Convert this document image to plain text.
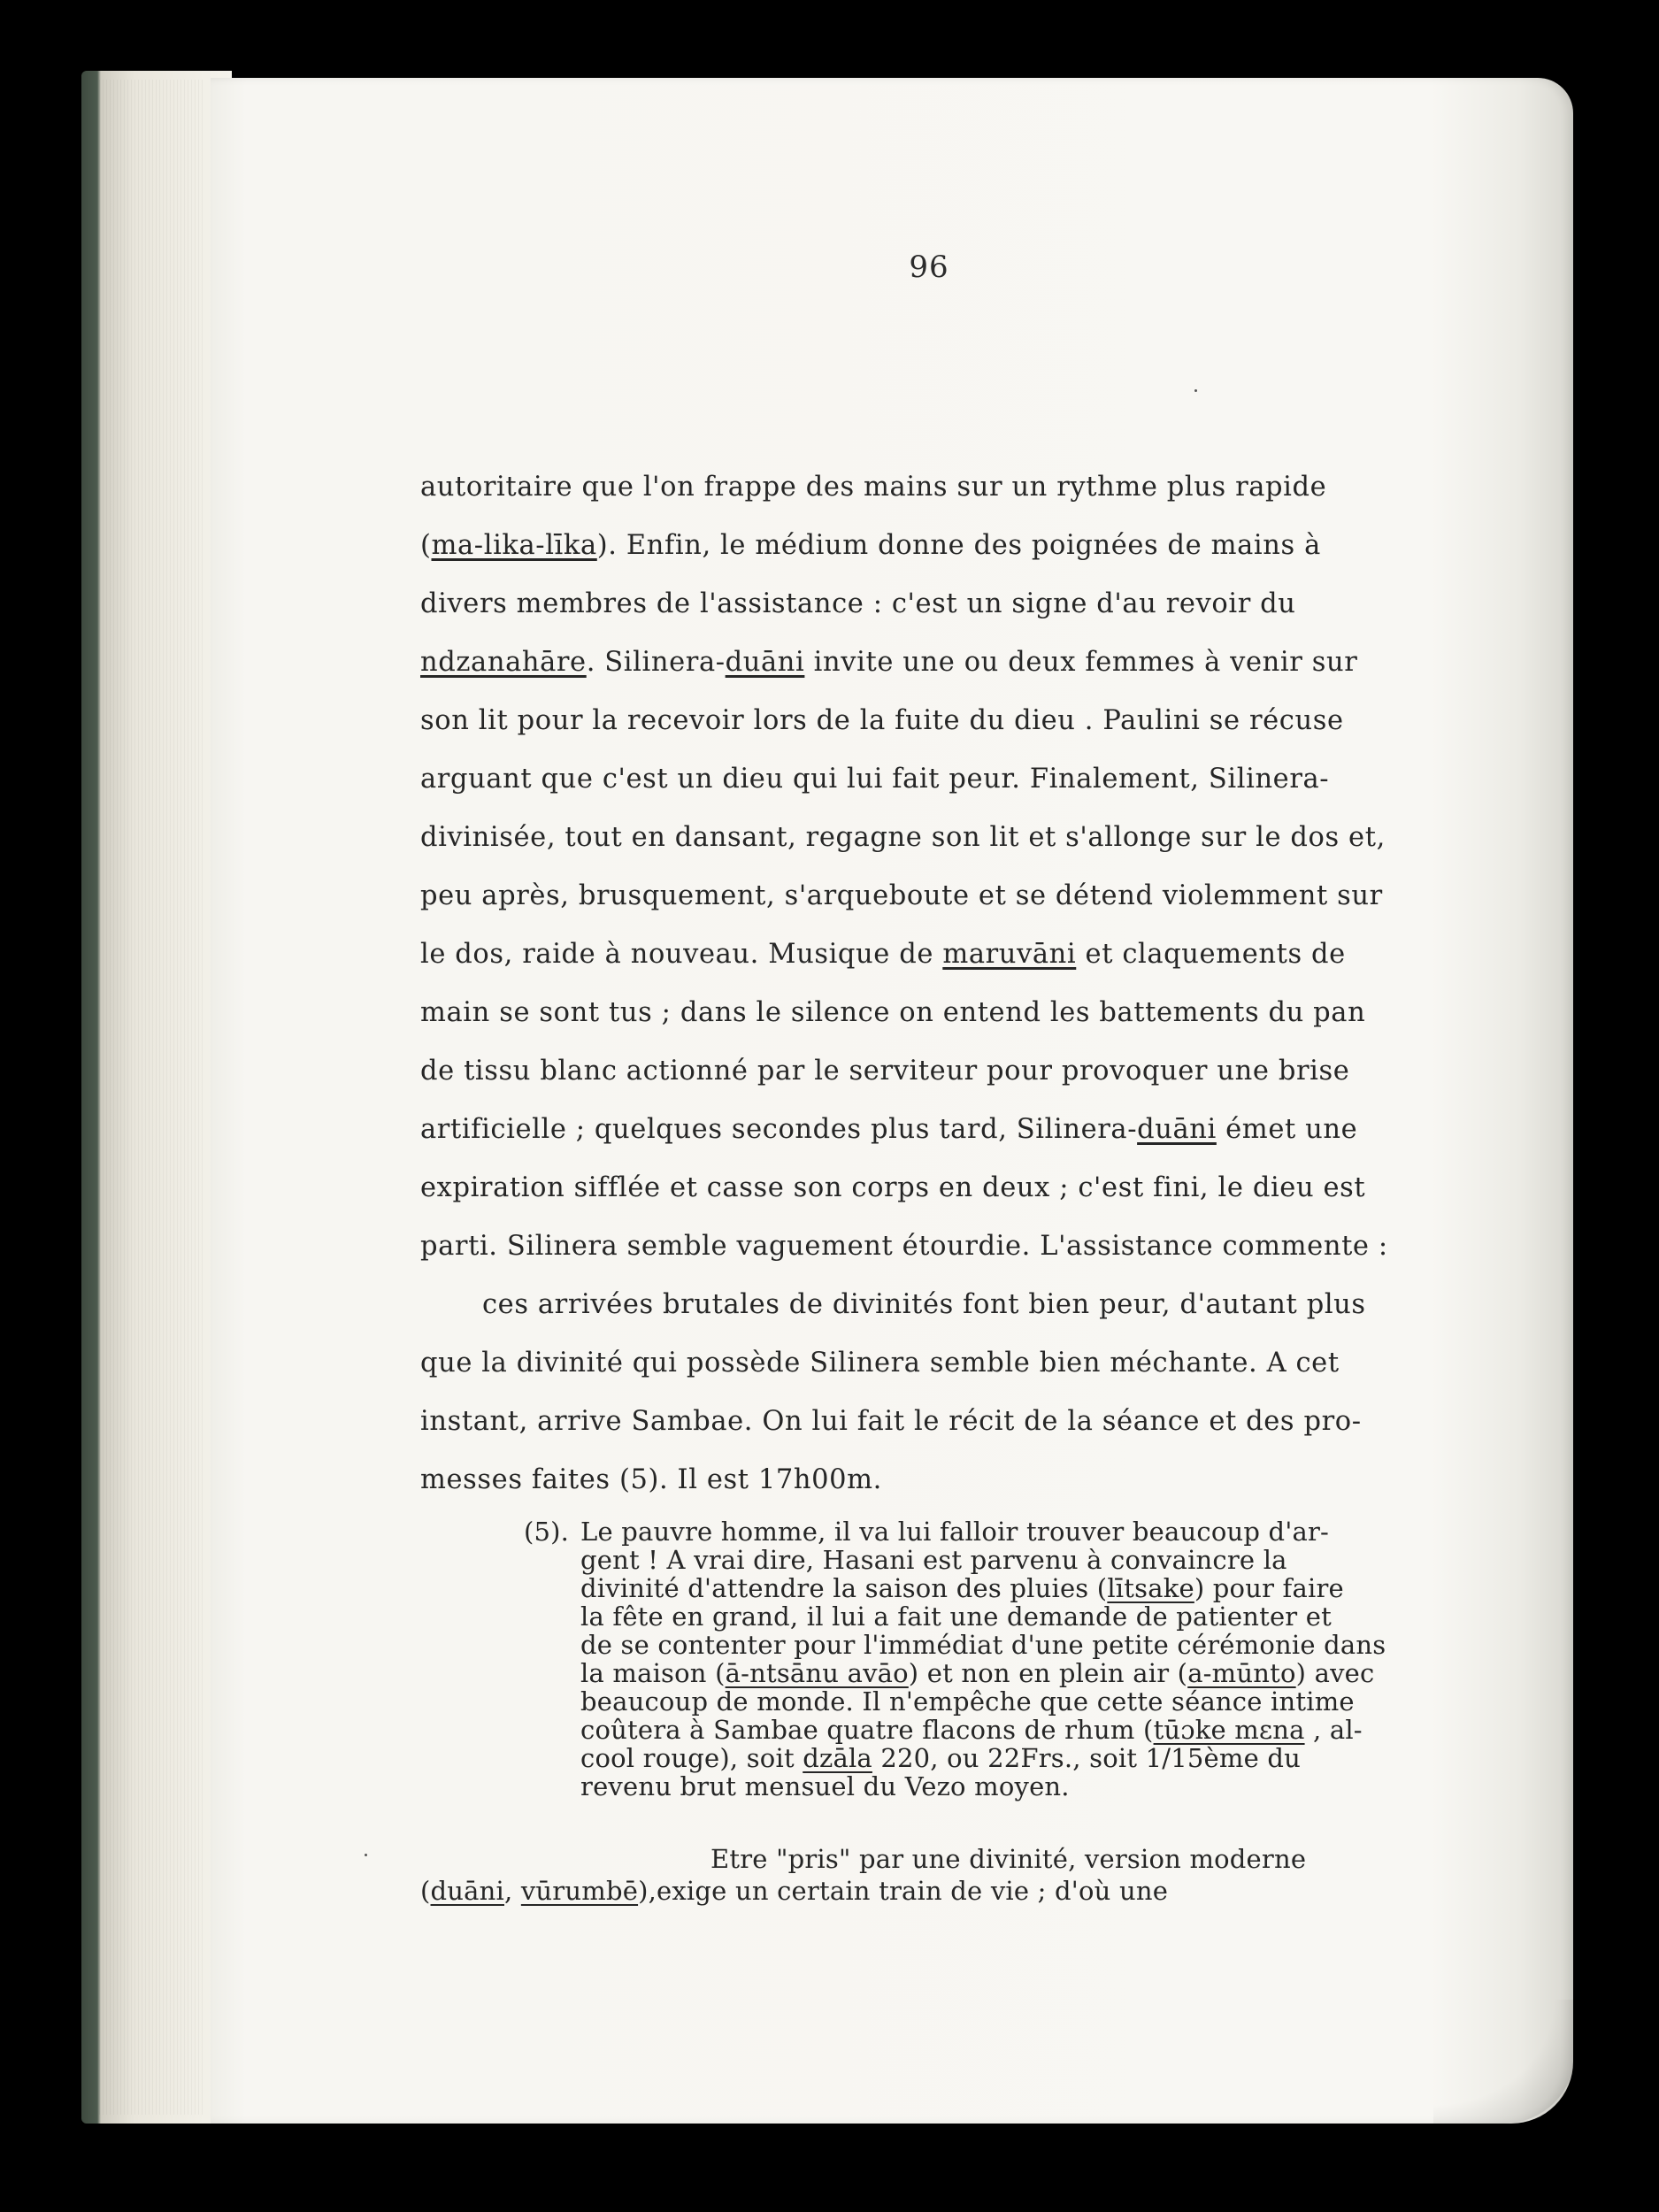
96
autoritaire que l'on frappe des mains sur un rythme plus rapide
(ma-lika-līka). Enfin, le médium donne des poignées de mains à
divers membres de l'assistance : c'est un signe d'au revoir du
ndzanahāre. Silinera-duāni invite une ou deux femmes à venir sur
son lit pour la recevoir lors de la fuite du dieu . Paulini se récuse
arguant que c'est un dieu qui lui fait peur. Finalement, Silinera-
divinisée, tout en dansant, regagne son lit et s'allonge sur le dos et,
peu après, brusquement, s'arqueboute et se détend violemment sur
le dos, raide à nouveau. Musique de maruvāni et claquements de
main se sont tus ; dans le silence on entend les battements du pan
de tissu blanc actionné par le serviteur pour provoquer une brise
artificielle ; quelques secondes plus tard, Silinera-duāni émet une
expiration sifflée et casse son corps en deux ; c'est fini, le dieu est
parti. Silinera semble vaguement étourdie. L'assistance commente :
ces arrivées brutales de divinités font bien peur, d'autant plus
que la divinité qui possède Silinera semble bien méchante. A cet
instant, arrive Sambae. On lui fait le récit de la séance et des pro-
messes faites (5). Il est 17h00m.
(5). Le pauvre homme, il va lui falloir trouver beaucoup d'ar-
gent ! A vrai dire, Hasani est parvenu à convaincre la
divinité d'attendre la saison des pluies (lītsake) pour faire
la fête en grand, il lui a fait une demande de patienter et
de se contenter pour l'immédiat d'une petite cérémonie dans
la maison (ā-ntsānu avāo) et non en plein air (a-mūnto) avec
beaucoup de monde. Il n'empêche que cette séance intime
coûtera à Sambae quatre flacons de rhum (tūɔke mɛna , al-
cool rouge), soit dzāla 220, ou 22Frs., soit 1/15ème du
revenu brut mensuel du Vezo moyen.
Etre "pris" par une divinité, version moderne
(duāni, vūrumbē),exige un certain train de vie ; d'où une
